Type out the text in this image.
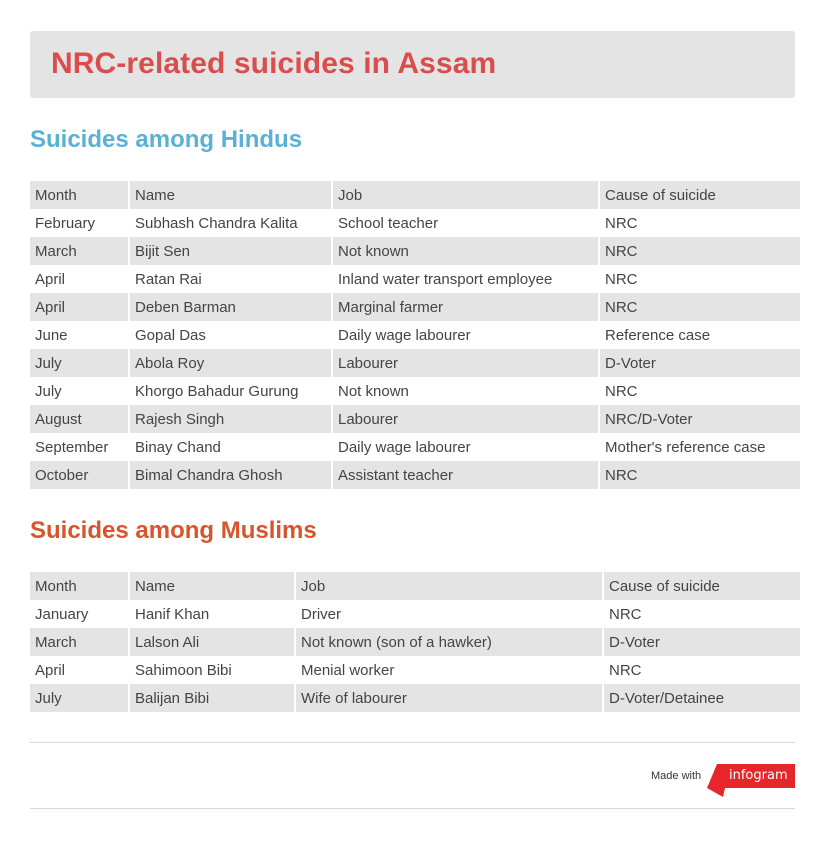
NRC-related suicides in Assam
Suicides among Hindus
Month	Name	Job	Cause of suicide
February	Subhash Chandra Kalita	School teacher	NRC
March	Bijit Sen	Not known	NRC
April	Ratan Rai	Inland water transport employee	NRC
April	Deben Barman	Marginal farmer	NRC
June	Gopal Das	Daily wage labourer	Reference case
July	Abola Roy	Labourer	D-Voter
July	Khorgo Bahadur Gurung	Not known	NRC
August	Rajesh Singh	Labourer	NRC/D-Voter
September	Binay Chand	Daily wage labourer	Mother's reference case
October	Bimal Chandra Ghosh	Assistant teacher	NRC
Suicides among Muslims
Month	Name	Job	Cause of suicide
January	Hanif Khan	Driver	NRC
March	Lalson Ali	Not known (son of a hawker)	D-Voter
April	Sahimoon Bibi	Menial worker	NRC
July	Balijan Bibi	Wife of labourer	D-Voter/Detainee
Made with infogram
